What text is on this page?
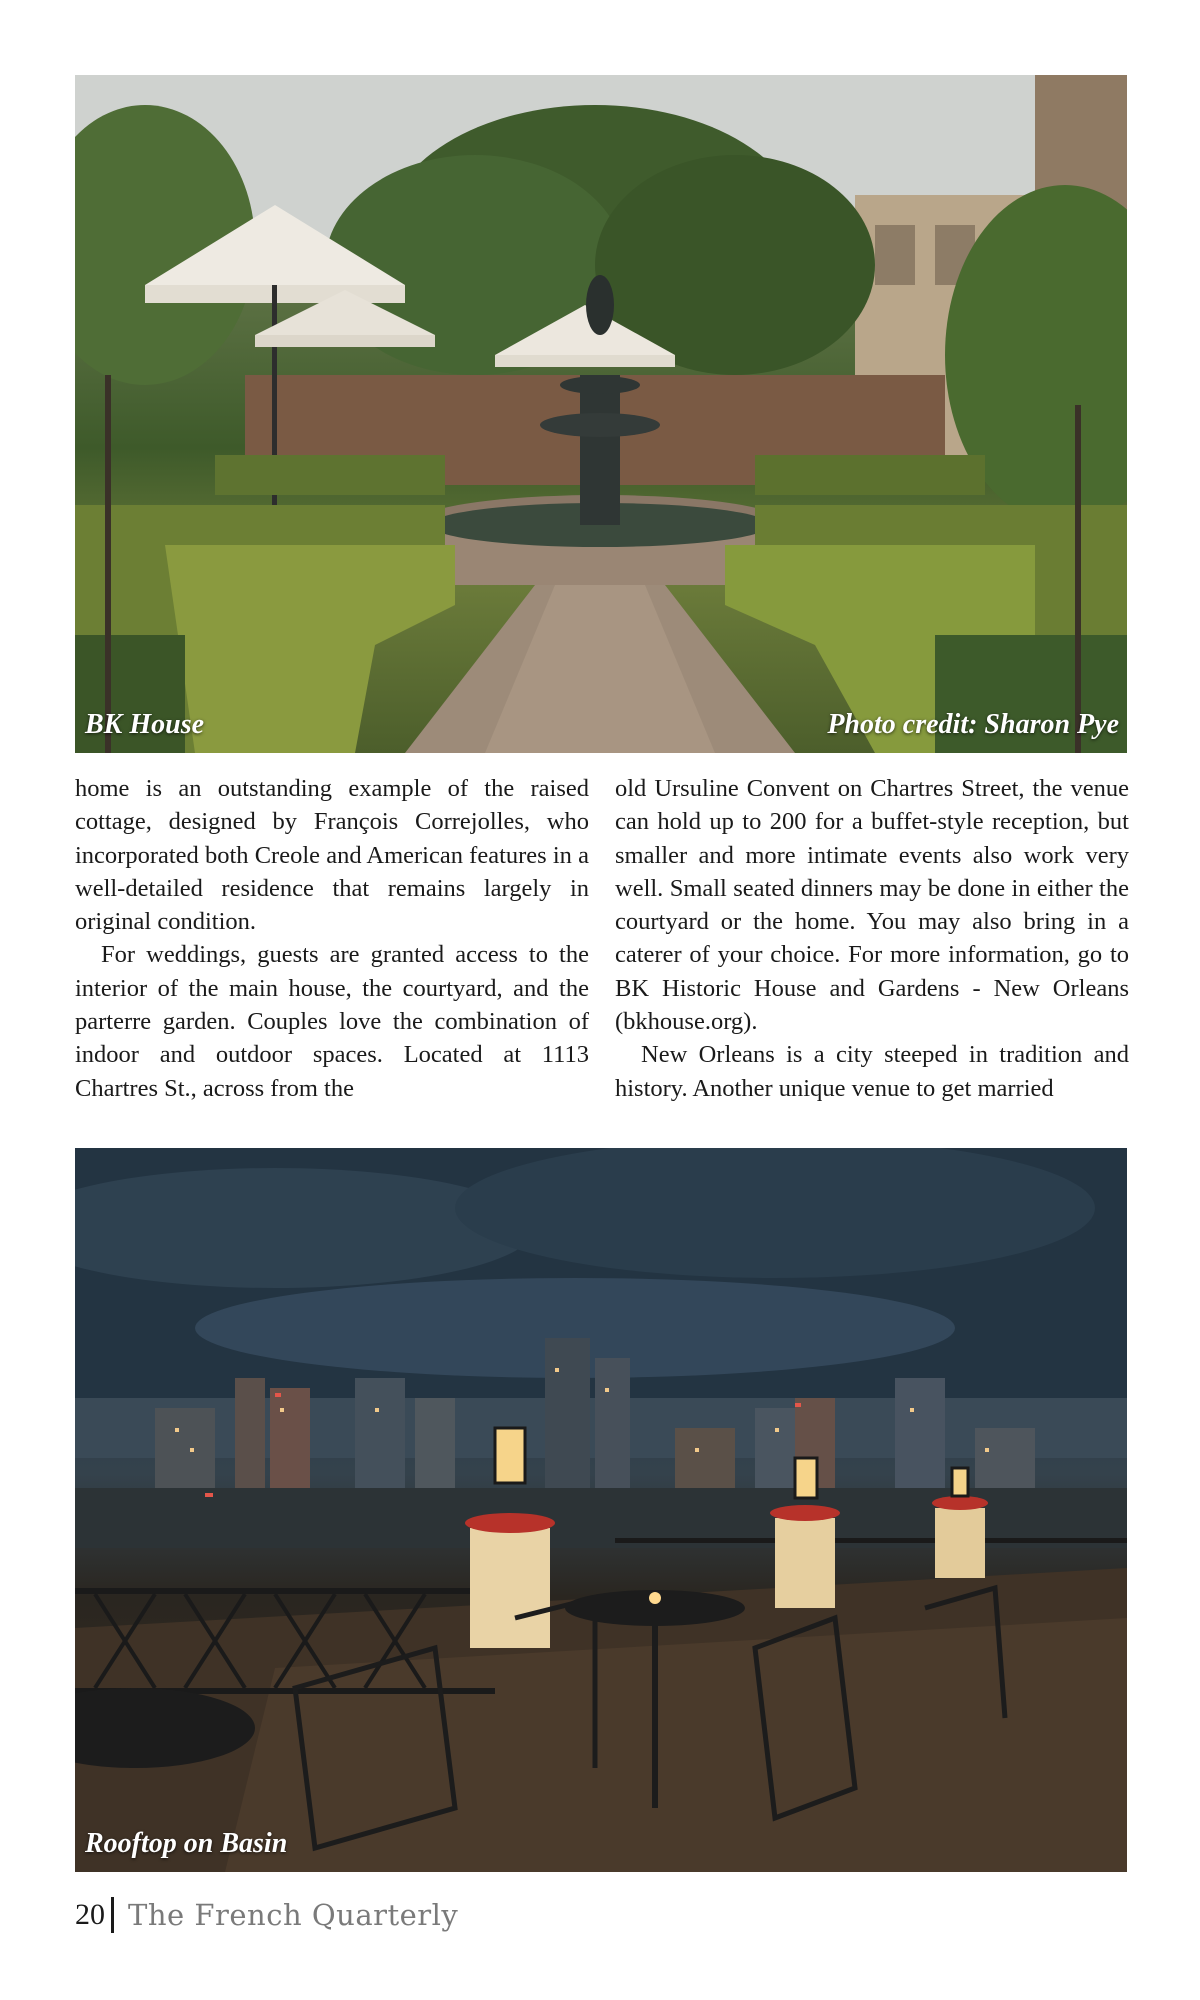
BK House	Photo credit: Sharon Pye

home is an outstanding example of the raised cottage, designed by François Correjolles, who incorporated both Creole and American features in a well-detailed residence that remains largely in original condition.

For weddings, guests are granted access to the interior of the main house, the courtyard, and the parterre garden. Couples love the combination of indoor and outdoor spaces. Located at 1113 Chartres St., across from the

old Ursuline Convent on Chartres Street, the venue can hold up to 200 for a buffet-style reception, but smaller and more intimate events also work very well. Small seated dinners may be done in either the courtyard or the home. You may also bring in a caterer of your choice. For more information, go to BK Historic House and Gardens - New Orleans (bkhouse.org).

New Orleans is a city steeped in tradition and history. Another unique venue to get married

Rooftop on Basin
20 The French Quarterly
